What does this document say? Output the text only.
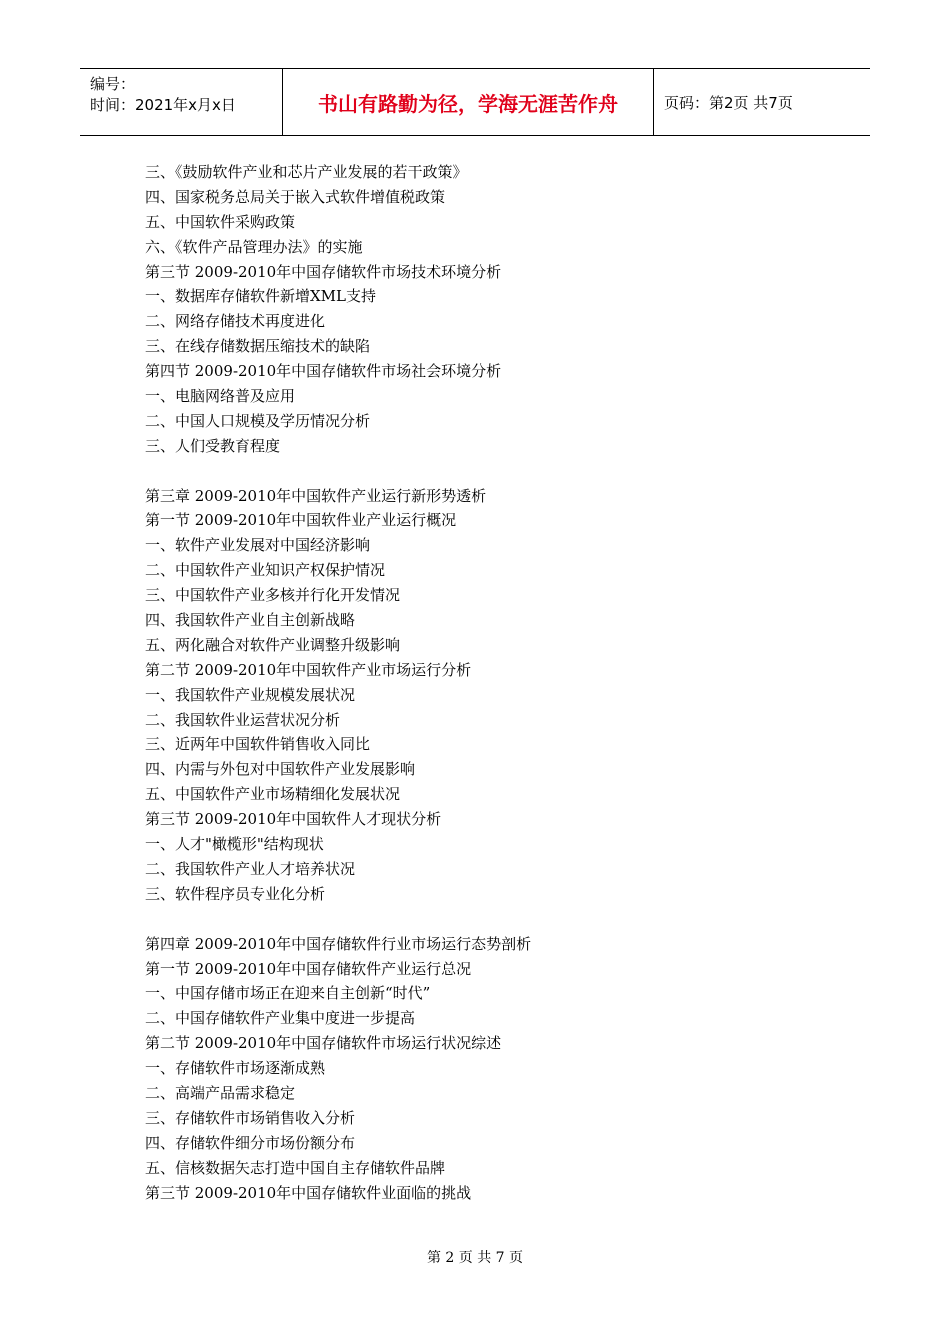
编号：
时间：2021年x月x日	书山有路勤为径，学海无涯苦作舟	页码：第2页 共7页
三、《鼓励软件产业和芯片产业发展的若干政策》
四、国家税务总局关于嵌入式软件增值税政策
五、中国软件采购政策
六、《软件产品管理办法》的实施
第三节 2009-2010年中国存储软件市场技术环境分析
一、数据库存储软件新增XML支持
二、网络存储技术再度进化
三、在线存储数据压缩技术的缺陷
第四节 2009-2010年中国存储软件市场社会环境分析
一、电脑网络普及应用
二、中国人口规模及学历情况分析
三、人们受教育程度
第三章 2009-2010年中国软件产业运行新形势透析
第一节 2009-2010年中国软件业产业运行概况
一、软件产业发展对中国经济影响
二、中国软件产业知识产权保护情况
三、中国软件产业多核并行化开发情况
四、我国软件产业自主创新战略
五、两化融合对软件产业调整升级影响
第二节 2009-2010年中国软件产业市场运行分析
一、我国软件产业规模发展状况
二、我国软件业运营状况分析
三、近两年中国软件销售收入同比
四、内需与外包对中国软件产业发展影响
五、中国软件产业市场精细化发展状况
第三节 2009-2010年中国软件人才现状分析
一、人才"橄榄形"结构现状
二、我国软件产业人才培养状况
三、软件程序员专业化分析
第四章 2009-2010年中国存储软件行业市场运行态势剖析
第一节 2009-2010年中国存储软件产业运行总况
一、中国存储市场正在迎来自主创新“时代”
二、中国存储软件产业集中度进一步提高
第二节 2009-2010年中国存储软件市场运行状况综述
一、存储软件市场逐渐成熟
二、高端产品需求稳定
三、存储软件市场销售收入分析
四、存储软件细分市场份额分布
五、信核数据矢志打造中国自主存储软件品牌
第三节 2009-2010年中国存储软件业面临的挑战
第 2 页 共 7 页
